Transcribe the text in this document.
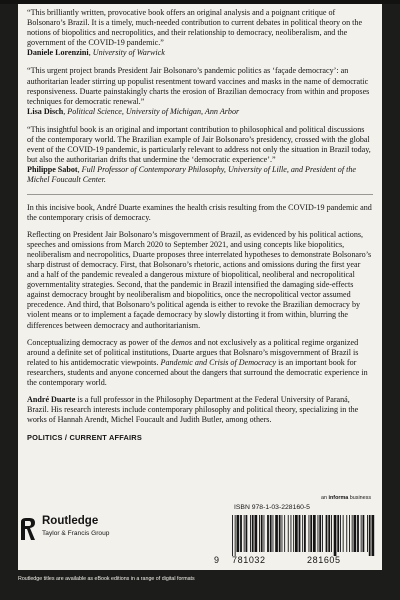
“This brilliantly written, provocative book offers an original analysis and a poignant critique of Bolsonaro’s Brazil. It is a timely, much-needed contribution to current debates in political theory on the notions of biopolitics and necropolitics, and their relationship to democracy, neoliberalism, and the government of the COVID-19 pandemic.”

Daniele Lorenzini, University of Warwick

“This urgent project brands President Jair Bolsonaro’s pandemic politics as ‘façade democracy’: an authoritarian leader stirring up populist resentment toward vaccines and masks in the name of democratic responsiveness. Duarte painstakingly charts the erosion of Brazilian democracy from within and proposes techniques for democratic renewal.”

Lisa Disch, Political Science, University of Michigan, Ann Arbor

“This insightful book is an original and important contribution to philosophical and political discussions of the contemporary world. The Brazilian example of Jair Bolsonaro’s presidency, crossed with the global event of the COVID-19 pandemic, is particularly relevant to address not only the situation in Brazil today, but also the authoritarian drifts that undermine the ‘democratic experience’.”

Philippe Sabot, Full Professor of Contemporary Philosophy, University of Lille, and President of the Michel Foucault Center.

In this incisive book, André Duarte examines the health crisis resulting from the COVID-19 pandemic and the contemporary crisis of democracy.

Reflecting on President Jair Bolsonaro’s misgovernment of Brazil, as evidenced by his political actions, speeches and omissions from March 2020 to September 2021, and using concepts like biopolitics, neoliberalism and necropolitics, Duarte proposes three interrelated hypotheses to demonstrate Bolsonaro’s sharp distrust of democracy. First, that Bolsonaro’s rhetoric, actions and omissions during the first year and a half of the pandemic revealed a dangerous mixture of biopolitical, neoliberal and necropolitical governmentality strategies. Second, that the pandemic in Brazil intensified the damaging side-effects against democracy brought by neoliberalism and biopolitics, once the necropolitical vector assumed precedence. And third, that Bolsonaro’s political agenda is either to revoke the Brazilian democracy by violent means or to implement a façade democracy by slowly distorting it from within, blurring the differences between democracy and authoritarianism.

Conceptualizing democracy as power of the demos and not exclusively as a political regime organized around a definite set of political institutions, Duarte argues that Bolsnaro’s misgovernment of Brazil is related to his antidemocratic viewpoints. Pandemic and Crisis of Democracy is an important book for researchers, students and anyone concerned about the dangers that surround the democratic experience in the contemporary world.

André Duarte is a full professor in the Philosophy Department at the Federal University of Paraná, Brazil. His research interests include contemporary philosophy and political theory, specializing in the works of Hannah Arendt, Michel Foucault and Judith Butler, among others.

POLITICS / CURRENT AFFAIRS

Routledge
Taylor & Francis Group
an informa business
ISBN 978-1-03-228160-5
9 781032	281605
Routledge titles are available as eBook editions in a range of digital formats
